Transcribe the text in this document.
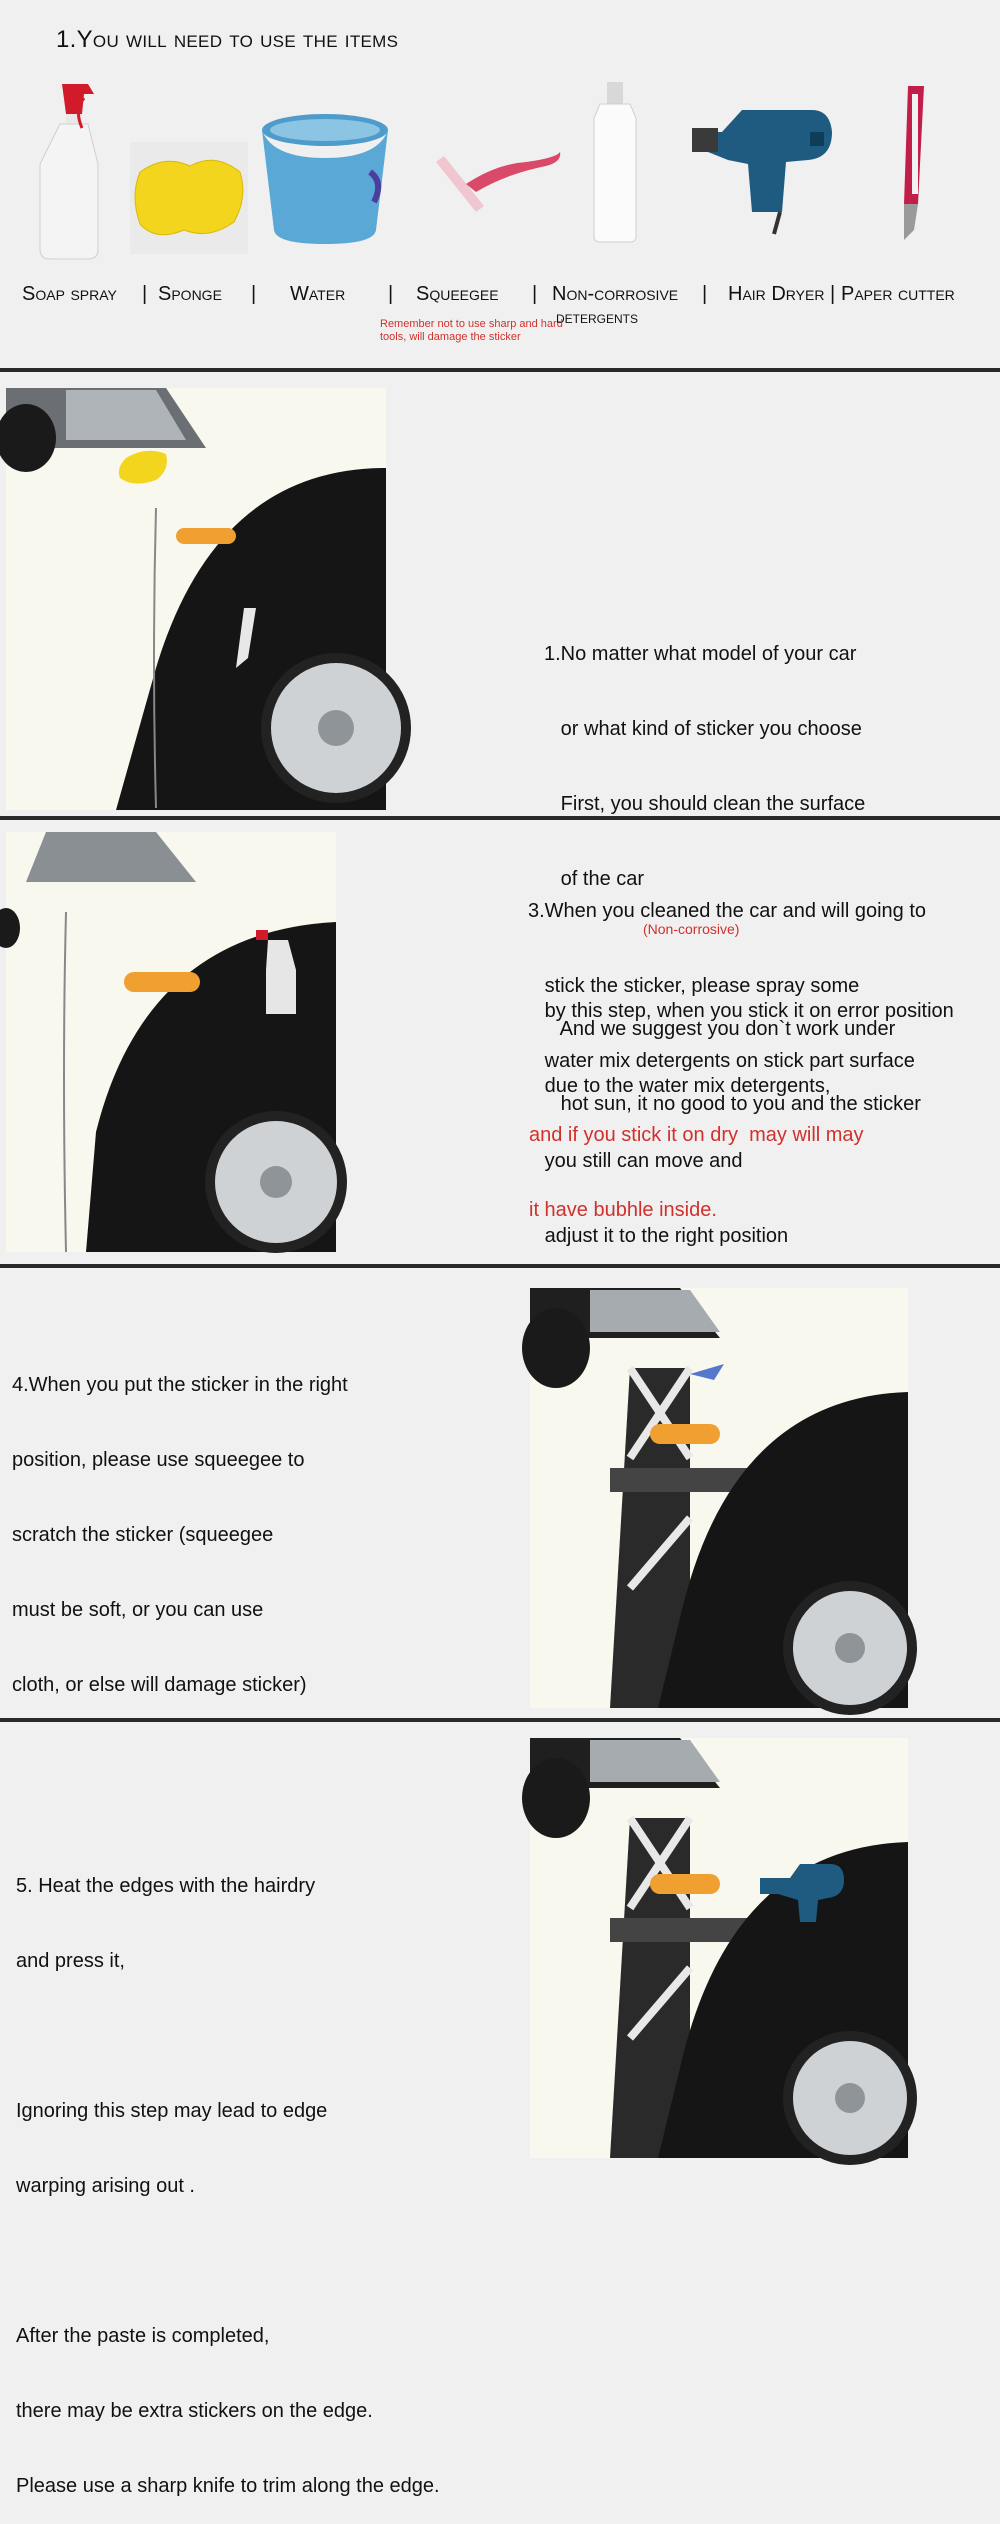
1.You will need to use the items
Soap spray | Sponge | Water | Squeegee | Non-corrosive
detergents
| Hair Dryer | Paper cutter
Remember not to use sharp and hard tools, will damage the sticker

1.No matter what model of your car

or what kind of sticker you choose

First, you should clean the surface

of the car

And we suggest you don`t work under

hot sun, it no good to you and the sticker

3.When you cleaned the car and will going to

stick the sticker, please spray some

water mix detergents on stick part surface

(Non-corrosive)

by this step, when you stick it on error position

due to the water mix detergents,

you still can move and

adjust it to the right position

and if you stick it on dry  may will may

it have bubhle inside.

4.When you put the sticker in the right

position, please use squeegee to

scratch the sticker (squeegee

must be soft, or you can use

cloth, or else will damage sticker)

5. Heat the edges with the hairdry

and press it,

Ignoring this step may lead to edge

warping arising out .

After the paste is completed,

there may be extra stickers on the edge.

Please use a sharp knife to trim along the edge.
